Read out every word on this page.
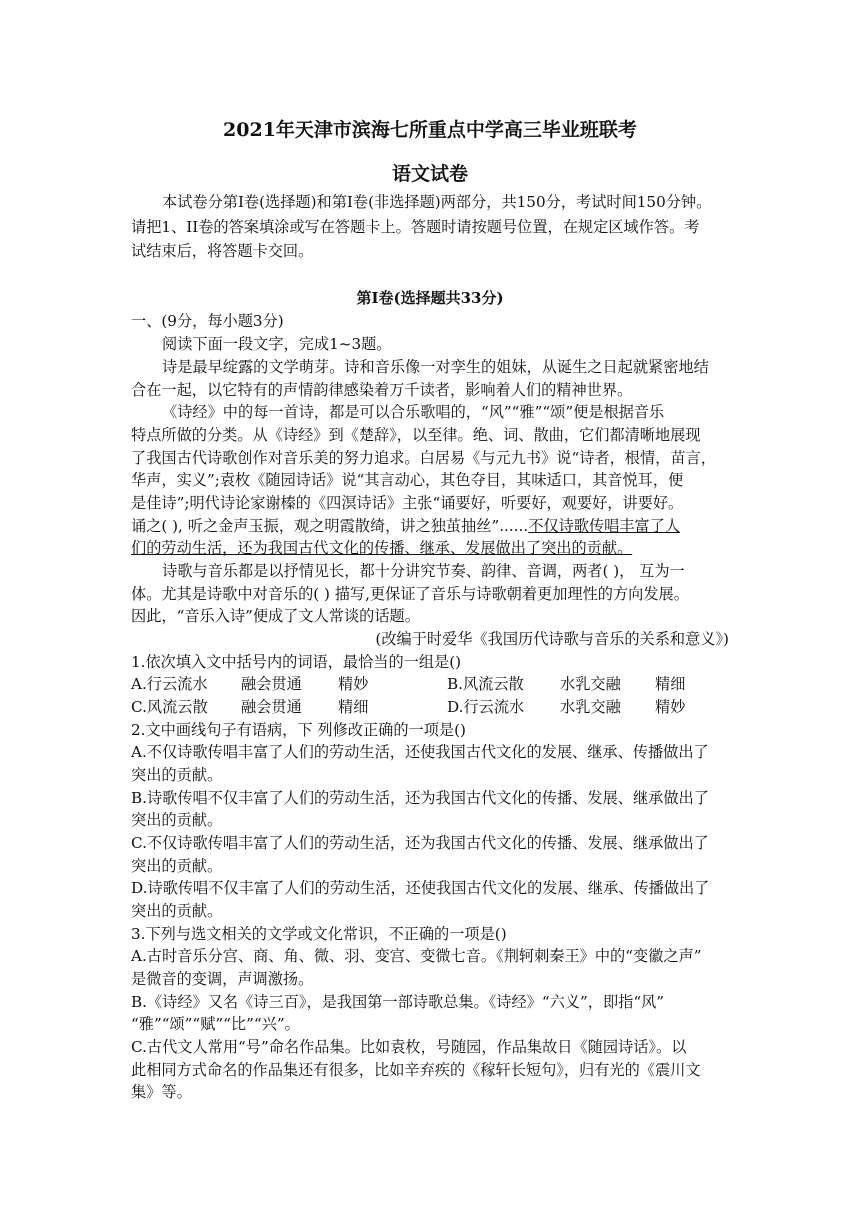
2021年天津市滨海七所重点中学高三毕业班联考
语文试卷
本试卷分第I卷(选择题)和第I卷(非选择题)两部分，共150分，考试时间150分钟。
请把1、II卷的答案填涂或写在答题卡上。答题时请按题号位置，在规定区域作答。考
试结束后，将答题卡交回。
第I卷(选择题共33分)
一、(9分，每小题3分)
阅读下面一段文字，完成1~3题。
诗是最早绽露的文学萌芽。诗和音乐像一对孪生的姐妹，从诞生之日起就紧密地结
合在一起，以它特有的声情韵律感染着万千读者，影响着人们的精神世界。
《诗经》中的每一首诗，都是可以合乐歌唱的，“风”“雅”“颂”便是根据音乐
特点所做的分类。从《诗经》到《楚辞》，以至律。绝、词、散曲，它们都清晰地展现
了我国古代诗歌创作对音乐美的努力追求。白居易《与元九书》说“诗者，根情，苗言，
华声，实义”;袁枚《随园诗话》说“其言动心，其色夺目，其味适口，其音悦耳，便
是佳诗”;明代诗论家谢榛的《四溟诗话》主张“诵要好，听要好，观要好，讲要好。
诵之( ), 听之金声玉振，观之明霞散绮，讲之独茧抽丝”......不仅诗歌传唱丰富了人
们的劳动生活，还为我国古代文化的传播、继承、发展做出了突出的贡献。
诗歌与音乐都是以抒情见长，都十分讲究节奏、韵律、音调，两者( )， 互为一
体。尤其是诗歌中对音乐的( ) 描写,更保证了音乐与诗歌朝着更加理性的方向发展。
因此，“音乐入诗”便成了文人常谈的话题。
(改编于时爱华《我国历代诗歌与音乐的关系和意义》)
1.依次填入文中括号内的词语，最恰当的一组是()
A.行云流水 融会贯通 精妙	B.风流云散 水乳交融 精细
C.风流云散 融会贯通 精细	D.行云流水 水乳交融 精妙
2.文中画线句子有语病，下 列修改正确的一项是()
A.不仅诗歌传唱丰富了人们的劳动生活，还使我国古代文化的发展、继承、传播做出了
突出的贡献。
B.诗歌传唱不仅丰富了人们的劳动生活，还为我国古代文化的传播、发展、继承做出了
突出的贡献。
C.不仅诗歌传唱丰富了人们的劳动生活，还为我国古代文化的传播、发展、继承做出了
突出的贡献。
D.诗歌传唱不仅丰富了人们的劳动生活，还使我国古代文化的发展、继承、传播做出了
突出的贡献。
3.下列与选文相关的文学或文化常识，不正确的一项是()
A.古时音乐分宫、商、角、微、羽、变宫、变微七音。《荆轲刺秦王》中的“变徽之声”
是微音的变调，声调激扬。
B.《诗经》又名《诗三百》，是我国第一部诗歌总集。《诗经》“六义”，即指“风”
“雅”“颂”“赋”“比”“兴”。
C.古代文人常用“号”命名作品集。比如袁枚，号随园，作品集故日《随园诗话》。以
此相同方式命名的作品集还有很多，比如辛弃疾的《稼轩长短句》，归有光的《震川文
集》等。
